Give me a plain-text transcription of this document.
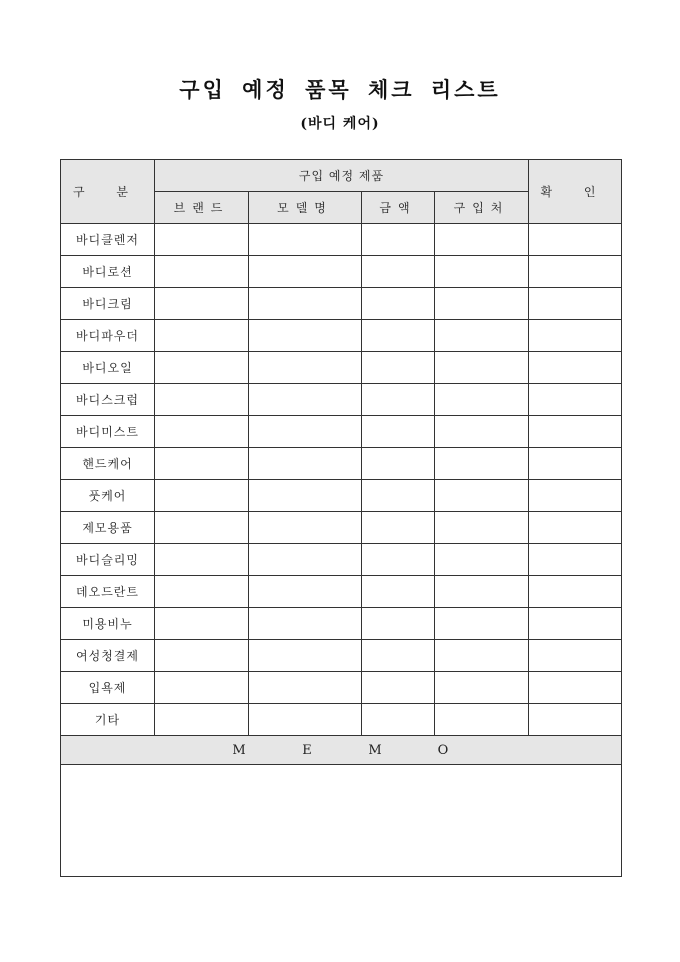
구입 예정 품목 체크 리스트
(바디 케어)
구 분	구입 예정 제품				확 인
	브랜드	모델명	금액	구입처	
바디클렌저					
바디로션					
바디크림					
바디파우더					
바디오일					
바디스크럽					
바디미스트					
핸드케어					
풋케어					
제모용품					
바디슬리밍					
데오드란트					
미용비누					
여성청결제					
입욕제					
기타					

M E M O					
